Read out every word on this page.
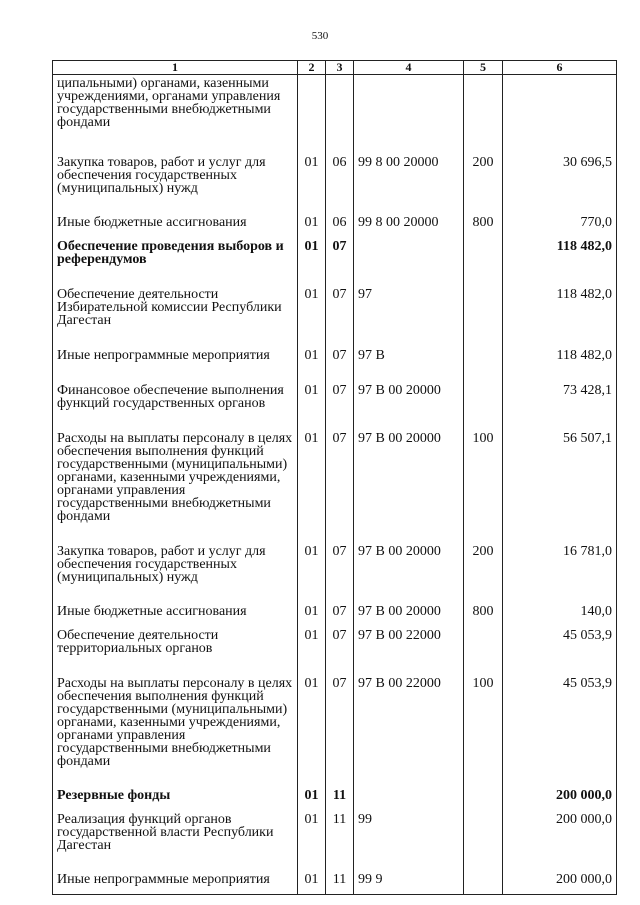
530
1	2	3	4	5	6
ципальными) органами, казенными учреждениями, органами управления государственными внебюджетными фондами					
Закупка товаров, работ и услуг для обеспечения государственных (муниципальных) нужд	01	06	99 8 00 20000	200	30 696,5
Иные бюджетные ассигнования	01	06	99 8 00 20000	800	770,0
Обеспечение проведения выборов и референдумов	01	07			118 482,0
Обеспечение деятельности Избирательной комиссии Республики Дагестан	01	07	97		118 482,0
Иные непрограммные мероприятия	01	07	97 В		118 482,0
Финансовое обеспечение выполнения функций государственных органов	01	07	97 В 00 20000		73 428,1
Расходы на выплаты персоналу в целях обеспечения выполнения функций государственными (муниципальными) органами, казенными учреждениями, органами управления государственными внебюджетными фондами	01	07	97 В 00 20000	100	56 507,1
Закупка товаров, работ и услуг для обеспечения государственных (муниципальных) нужд	01	07	97 В 00 20000	200	16 781,0
Иные бюджетные ассигнования	01	07	97 В 00 20000	800	140,0
Обеспечение деятельности территориальных органов	01	07	97 В 00 22000		45 053,9
Расходы на выплаты персоналу в целях обеспечения выполнения функций государственными (муниципальными) органами, казенными учреждениями, органами управления государственными внебюджетными фондами	01	07	97 В 00 22000	100	45 053,9
Резервные фонды	01	11			200 000,0
Реализация функций органов государственной власти Республики Дагестан	01	11	99		200 000,0
Иные непрограммные мероприятия	01	11	99 9		200 000,0
